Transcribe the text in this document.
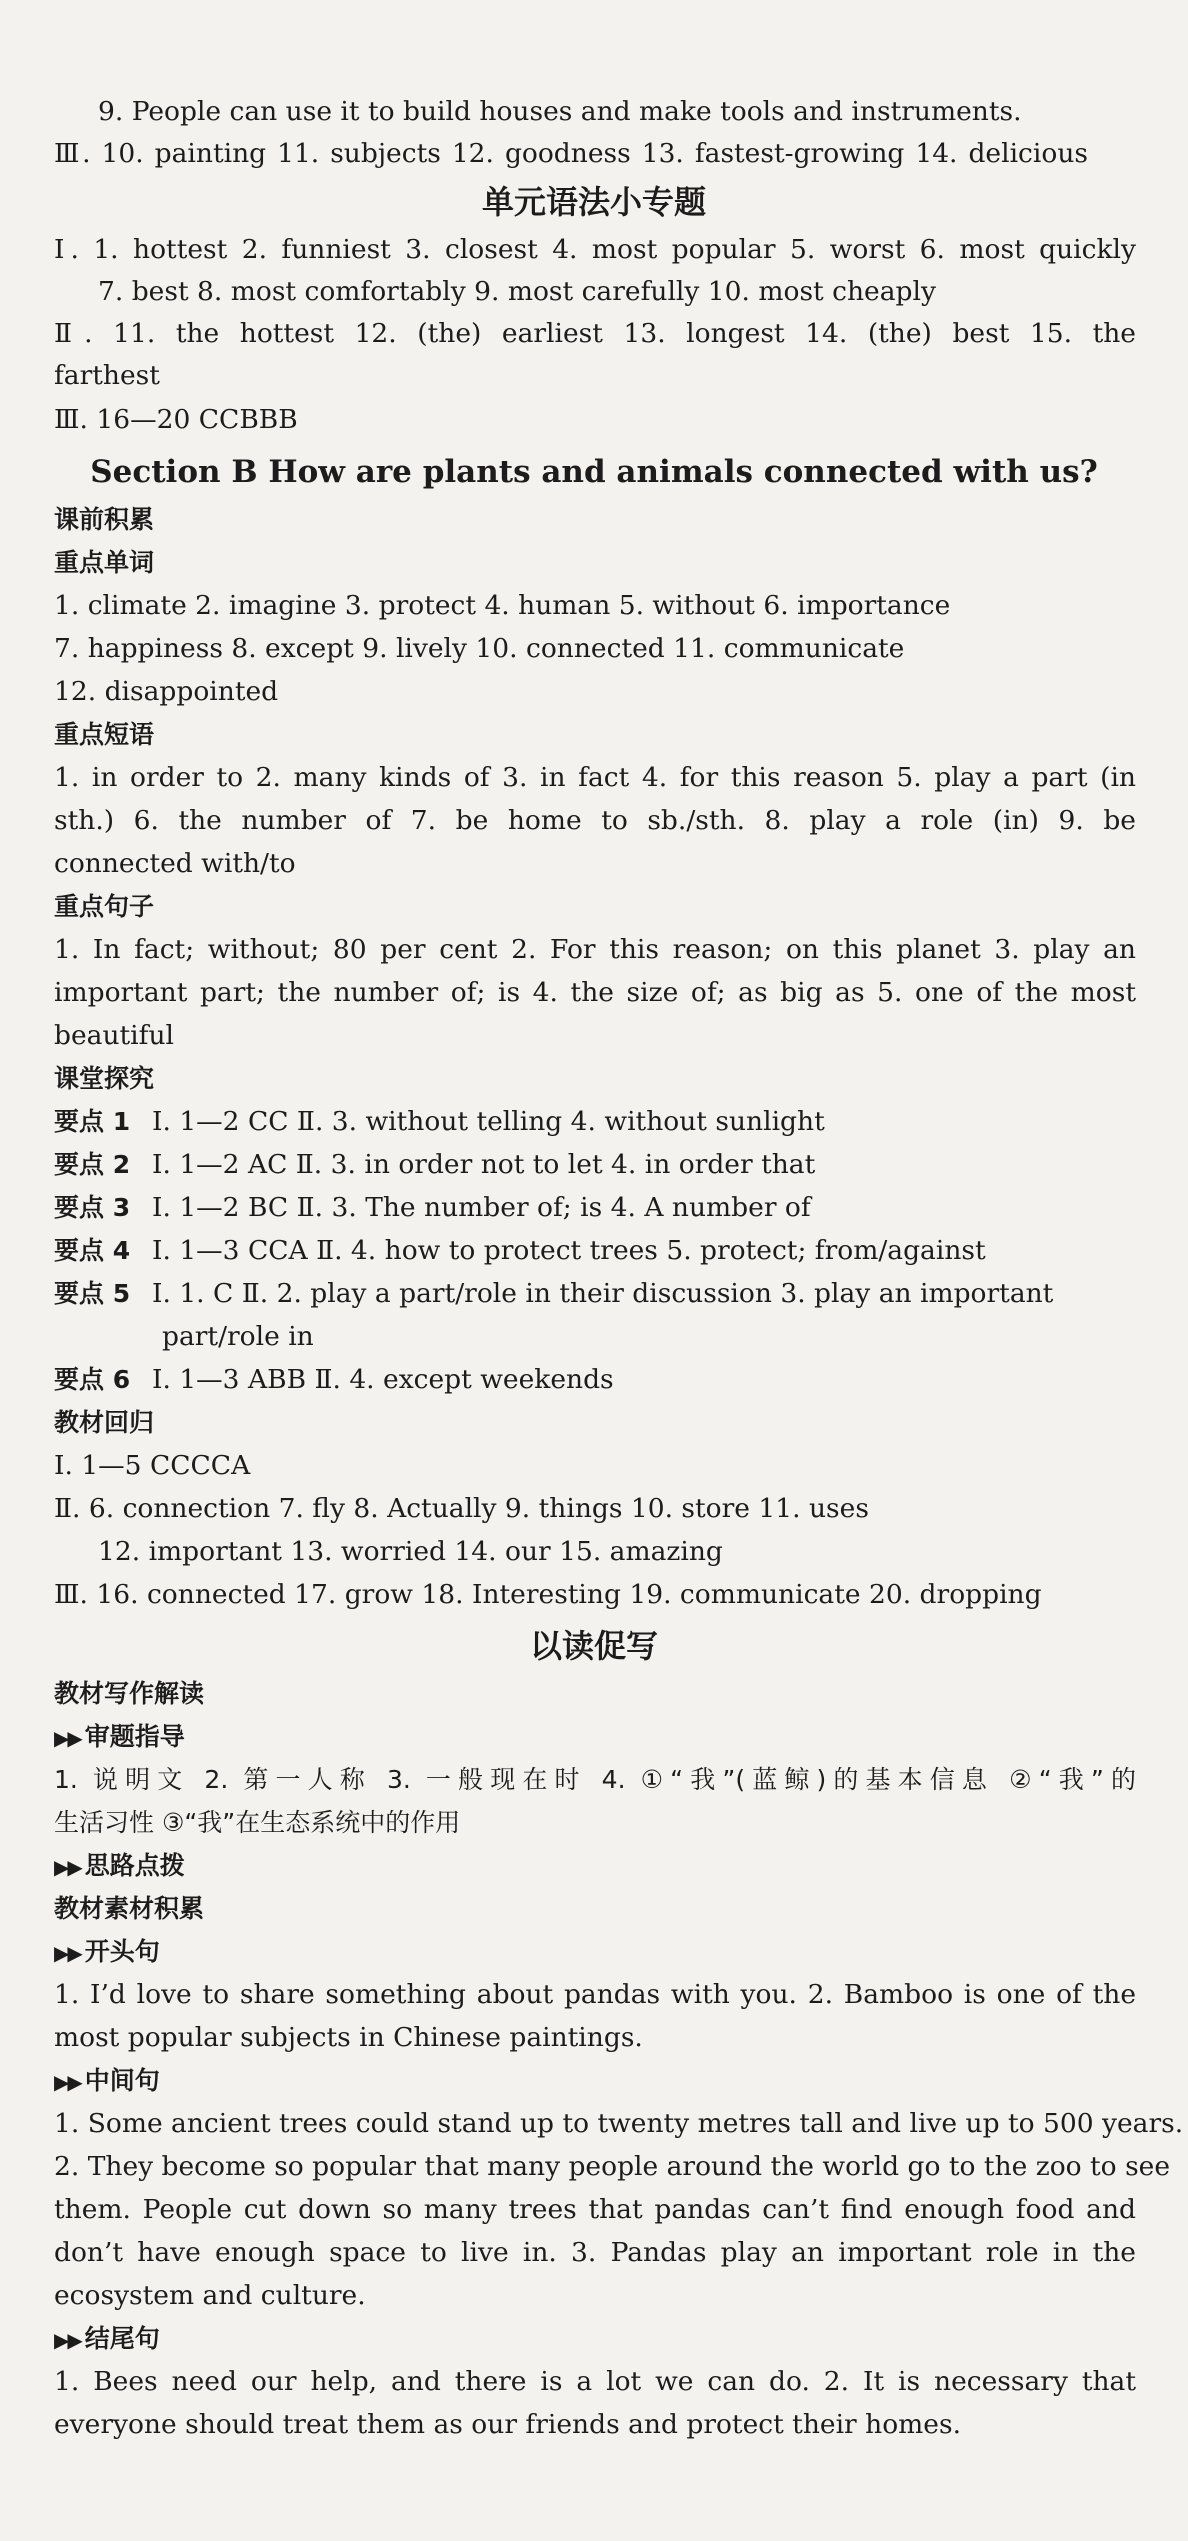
9. People can use it to build houses and make tools and instruments.
Ⅲ. 10. painting 11. subjects 12. goodness 13. fastest-growing 14. delicious
单元语法小专题
Ⅰ. 1. hottest 2. funniest 3. closest 4. most popular 5. worst 6. most quickly
7. best 8. most comfortably 9. most carefully 10. most cheaply
Ⅱ. 11. the hottest 12. (the) earliest 13. longest 14. (the) best 15. the
farthest
Ⅲ. 16—20 CCBBB
Section B How are plants and animals connected with us?
课前积累
重点单词
1. climate 2. imagine 3. protect 4. human 5. without 6. importance
7. happiness 8. except 9. lively 10. connected 11. communicate
12. disappointed
重点短语
1. in order to 2. many kinds of 3. in fact 4. for this reason 5. play a part (in
sth.) 6. the number of 7. be home to sb./sth. 8. play a role (in) 9. be
connected with/to
重点句子
1. In fact; without; 80 per cent 2. For this reason; on this planet 3. play an
important part; the number of; is 4. the size of; as big as 5. one of the most
beautiful
课堂探究
要点 1 Ⅰ. 1—2 CC Ⅱ. 3. without telling 4. without sunlight
要点 2 Ⅰ. 1—2 AC Ⅱ. 3. in order not to let 4. in order that
要点 3 Ⅰ. 1—2 BC Ⅱ. 3. The number of; is 4. A number of
要点 4 Ⅰ. 1—3 CCA Ⅱ. 4. how to protect trees 5. protect; from/against
要点 5 Ⅰ. 1. C Ⅱ. 2. play a part/role in their discussion 3. play an important
part/role in
要点 6 Ⅰ. 1—3 ABB Ⅱ. 4. except weekends
教材回归
Ⅰ. 1—5 CCCCA
Ⅱ. 6. connection 7. fly 8. Actually 9. things 10. store 11. uses
12. important 13. worried 14. our 15. amazing
Ⅲ. 16. connected 17. grow 18. Interesting 19. communicate 20. dropping
以读促写
教材写作解读
▶▶ 审题指导
1. 说明文 2. 第一人称 3. 一般现在时 4. ①“我”(蓝鲸)的基本信息 ②“我”的
生活习性 ③“我”在生态系统中的作用
▶▶ 思路点拨
教材素材积累
▶▶ 开头句
1. I’d love to share something about pandas with you. 2. Bamboo is one of the
most popular subjects in Chinese paintings.
▶▶ 中间句
1. Some ancient trees could stand up to twenty metres tall and live up to 500 years.
2. They become so popular that many people around the world go to the zoo to see
them. People cut down so many trees that pandas can’t find enough food and
don’t have enough space to live in. 3. Pandas play an important role in the
ecosystem and culture.
▶▶ 结尾句
1. Bees need our help, and there is a lot we can do. 2. It is necessary that
everyone should treat them as our friends and protect their homes.
